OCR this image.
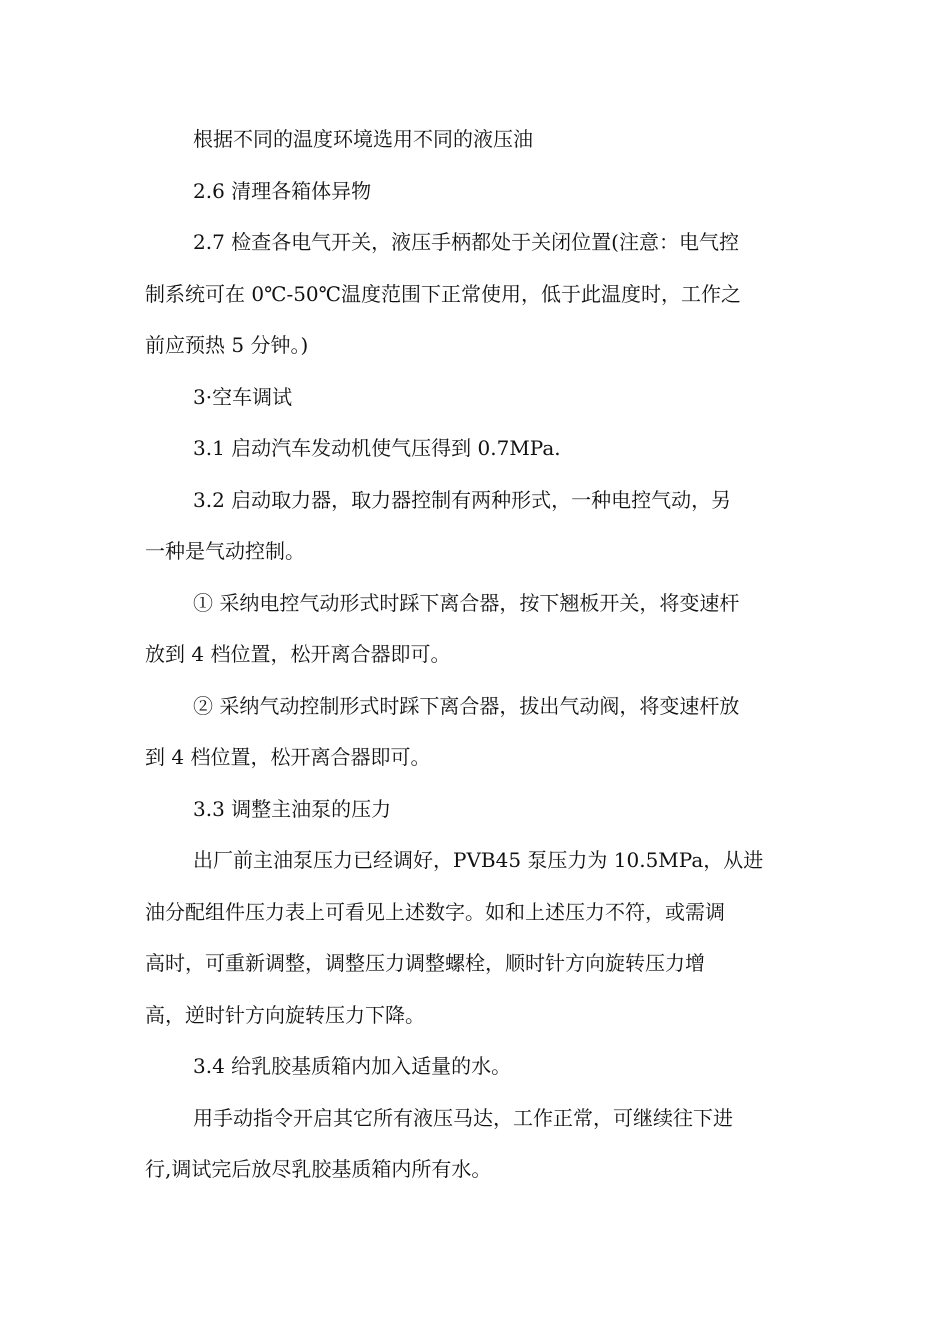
根据不同的温度环境选用不同的液压油
2.6 清理各箱体异物
2.7 检查各电气开关，液压手柄都处于关闭位置(注意：电气控
制系统可在 0℃-50℃温度范围下正常使用，低于此温度时，工作之
前应预热 5 分钟。)
3·空车调试
3.1 启动汽车发动机使气压得到 0.7MPa.
3.2 启动取力器，取力器控制有两种形式，一种电控气动，另
一种是气动控制。
① 采纳电控气动形式时踩下离合器，按下翘板开关，将变速杆
放到 4 档位置，松开离合器即可。
② 采纳气动控制形式时踩下离合器，拔出气动阀，将变速杆放
到 4 档位置，松开离合器即可。
3.3 调整主油泵的压力
出厂前主油泵压力已经调好，PVB45 泵压力为 10.5MPa，从进
油分配组件压力表上可看见上述数字。如和上述压力不符，或需调
高时，可重新调整，调整压力调整螺栓，顺时针方向旋转压力增
高，逆时针方向旋转压力下降。
3.4 给乳胶基质箱内加入适量的水。
用手动指令开启其它所有液压马达，工作正常，可继续往下进
行,调试完后放尽乳胶基质箱内所有水。
